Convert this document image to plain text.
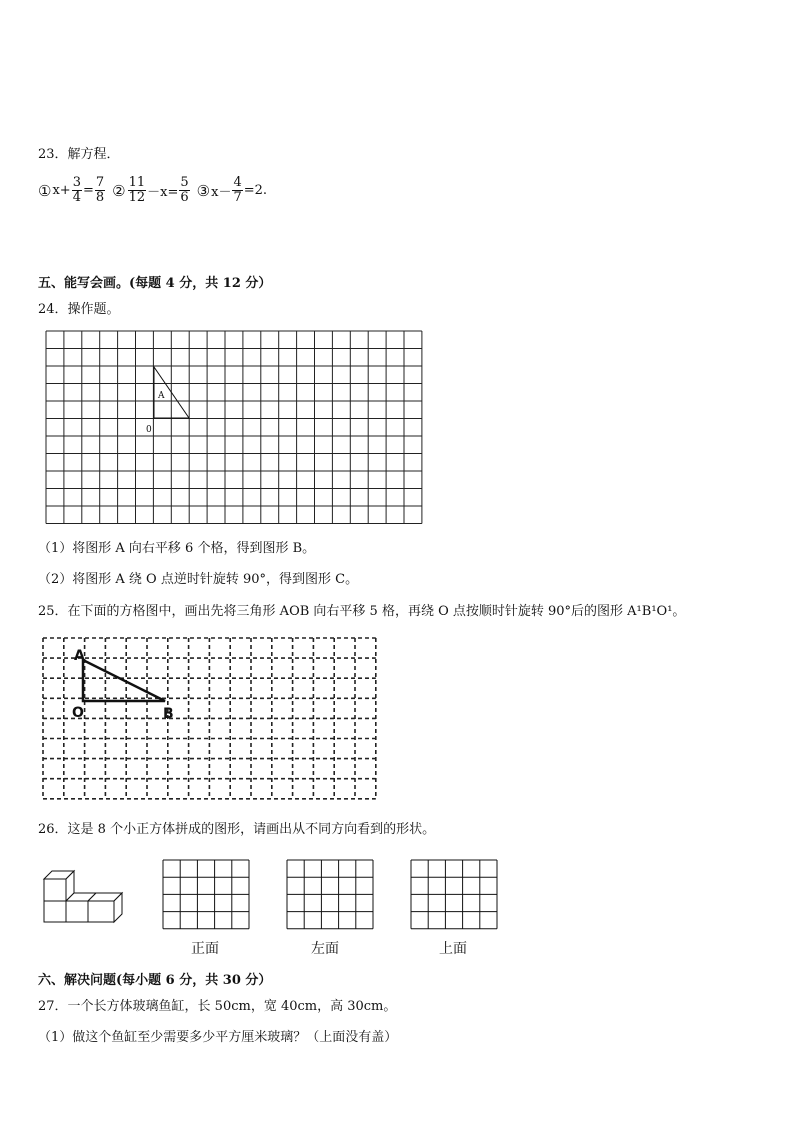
23．解方程．
① $x+ \frac{3}{4} = \frac{7}{8}$ ② $\frac{11}{12} -x= \frac{5}{6}$ ③ $x- \frac{4}{7} =2$.
五、能写会画。(每题 4 分，共 12 分）
24．操作题。
A
0
（1）将图形 A 向右平移 6 个格，得到图形 B。
（2）将图形 A 绕 O 点逆时针旋转 90°，得到图形 C。
25．在下面的方格图中，画出先将三角形 AOB 向右平移 5 格，再绕 O 点按顺时针旋转 90°后的图形 A¹B¹O¹。
A
O	B
26．这是 8 个小正方体拼成的图形，请画出从不同方向看到的形状。
正面	左面	上面
六、解决问题(每小题 6 分，共 30 分）
27．一个长方体玻璃鱼缸，长 50cm，宽 40cm，高 30cm。
（1）做这个鱼缸至少需要多少平方厘米玻璃？（上面没有盖）
